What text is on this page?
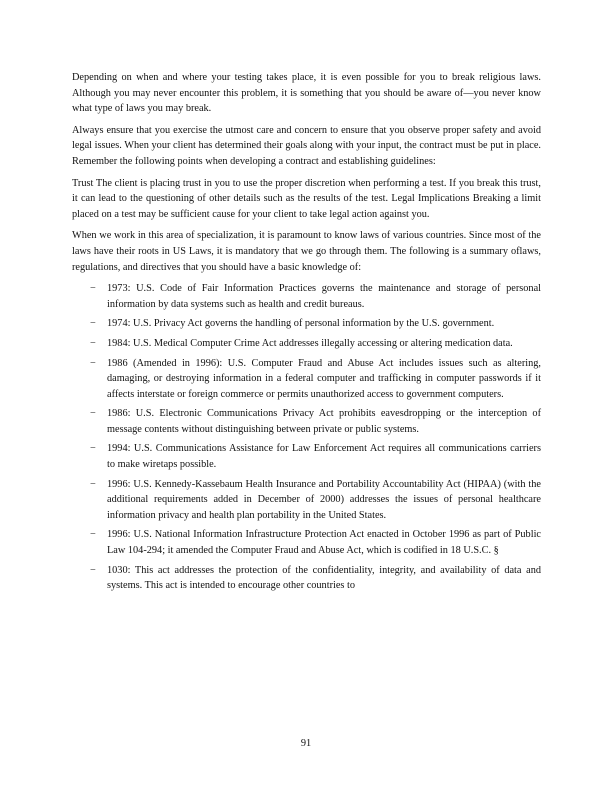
Depending on when and where your testing takes place, it is even possible for you to break religious laws. Although you may never encounter this problem, it is something that you should be aware of—you never know what type of laws you may break.

Always ensure that you exercise the utmost care and concern to ensure that you observe proper safety and avoid legal issues. When your client has determined their goals along with your input, the contract must be put in place. Remember the following points when developing a contract and establishing guidelines:

Trust The client is placing trust in you to use the proper discretion when performing a test. If you break this trust, it can lead to the questioning of other details such as the results of the test. Legal Implications Breaking a limit placed on a test may be sufficient cause for your client to take legal action against you.

When we work in this area of specialization, it is paramount to know laws of various countries. Since most of the laws have their roots in US Laws, it is mandatory that we go through them. The following is a summary oflaws, regulations, and directives that you should have a basic knowledge of:

− 1973: U.S. Code of Fair Information Practices governs the maintenance and storage of personal information by data systems such as health and credit bureaus.
− 1974: U.S. Privacy Act governs the handling of personal information by the U.S. government.
− 1984: U.S. Medical Computer Crime Act addresses illegally accessing or altering medication data.
− 1986 (Amended in 1996): U.S. Computer Fraud and Abuse Act includes issues such as altering, damaging, or destroying information in a federal computer and trafficking in computer passwords if it affects interstate or foreign commerce or permits unauthorized access to government computers.
− 1986: U.S. Electronic Communications Privacy Act prohibits eavesdropping or the interception of message contents without distinguishing between private or public systems.
− 1994: U.S. Communications Assistance for Law Enforcement Act requires all communications carriers to make wiretaps possible.
− 1996: U.S. Kennedy-Kassebaum Health Insurance and Portability Accountability Act (HIPAA) (with the additional requirements added in December of 2000) addresses the issues of personal healthcare information privacy and health plan portability in the United States.
− 1996: U.S. National Information Infrastructure Protection Act enacted in October 1996 as part of Public Law 104-294; it amended the Computer Fraud and Abuse Act, which is codified in 18 U.S.C. §
− 1030: This act addresses the protection of the confidentiality, integrity, and availability of data and systems. This act is intended to encourage other countries to
91
